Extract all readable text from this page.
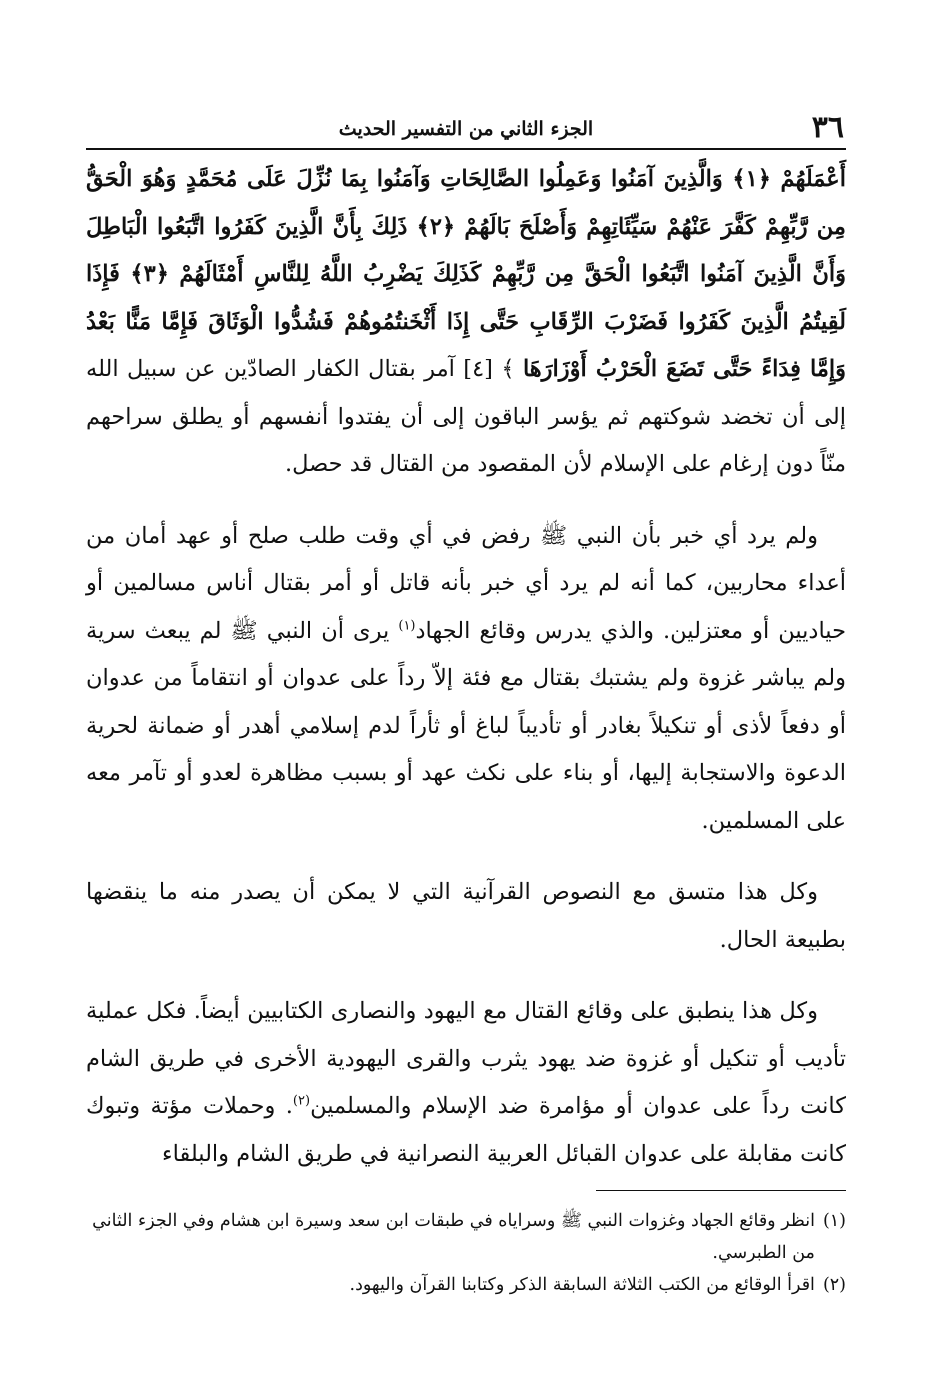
٣٦
الجزء الثاني من التفسير الحديث

أَعْمَلَهُمْ ﴿١﴾ وَالَّذِينَ آمَنُوا وَعَمِلُوا الصَّالِحَاتِ وَآمَنُوا بِمَا نُزِّلَ عَلَى مُحَمَّدٍ وَهُوَ الْحَقُّ مِن رَّبِّهِمْ كَفَّرَ عَنْهُمْ سَيِّئَاتِهِمْ وَأَصْلَحَ بَالَهُمْ ﴿٢﴾ ذَلِكَ بِأَنَّ الَّذِينَ كَفَرُوا اتَّبَعُوا الْبَاطِلَ وَأَنَّ الَّذِينَ آمَنُوا اتَّبَعُوا الْحَقَّ مِن رَّبِّهِمْ كَذَلِكَ يَضْرِبُ اللَّهُ لِلنَّاسِ أَمْثَالَهُمْ ﴿٣﴾ فَإِذَا لَقِيتُمُ الَّذِينَ كَفَرُوا فَضَرْبَ الرِّقَابِ حَتَّى إِذَا أَثْخَنتُمُوهُمْ فَشُدُّوا الْوَثَاقَ فَإِمَّا مَنًّا بَعْدُ وَإِمَّا فِدَاءً حَتَّى تَضَعَ الْحَرْبُ أَوْزَارَهَا ﴾ [٤] آمر بقتال الكفار الصادّين عن سبيل الله إلى أن تخضد شوكتهم ثم يؤسر الباقون إلى أن يفتدوا أنفسهم أو يطلق سراحهم منّاً دون إرغام على الإسلام لأن المقصود من القتال قد حصل.

ولم يرد أي خبر بأن النبي ﷺ رفض في أي وقت طلب صلح أو عهد أمان من أعداء محاربين، كما أنه لم يرد أي خبر بأنه قاتل أو أمر بقتال أناس مسالمين أو حياديين أو معتزلين. والذي يدرس وقائع الجهاد$^{(١)}$ يرى أن النبي ﷺ لم يبعث سرية ولم يباشر غزوة ولم يشتبك بقتال مع فئة إلاّ رداً على عدوان أو انتقاماً من عدوان أو دفعاً لأذى أو تنكيلاً بغادر أو تأديباً لباغ أو ثأراً لدم إسلامي أهدر أو ضمانة لحرية الدعوة والاستجابة إليها، أو بناء على نكث عهد أو بسبب مظاهرة لعدو أو تآمر معه على المسلمين.

وكل هذا متسق مع النصوص القرآنية التي لا يمكن أن يصدر منه ما ينقضها بطبيعة الحال.

وكل هذا ينطبق على وقائع القتال مع اليهود والنصارى الكتابيين أيضاً. فكل عملية تأديب أو تنكيل أو غزوة ضد يهود يثرب والقرى اليهودية الأخرى في طريق الشام كانت رداً على عدوان أو مؤامرة ضد الإسلام والمسلمين$^{(٢)}$. وحملات مؤتة وتبوك كانت مقابلة على عدوان القبائل العربية النصرانية في طريق الشام والبلقاء

(١)
انظر وقائع الجهاد وغزوات النبي ﷺ وسراياه في طبقات ابن سعد وسيرة ابن هشام وفي الجزء الثاني من الطبرسي.

(٢)
اقرأ الوقائع من الكتب الثلاثة السابقة الذكر وكتابنا القرآن واليهود.
